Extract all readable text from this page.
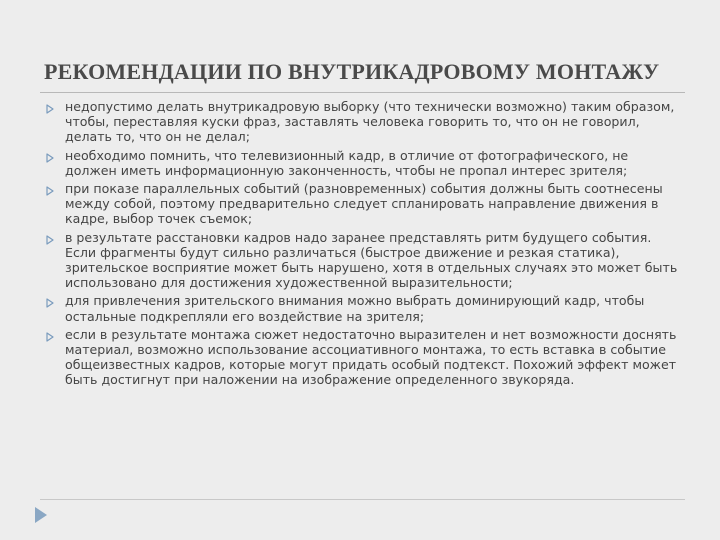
РЕКОМЕНДАЦИИ ПО ВНУТРИКАДРОВОМУ МОНТАЖУ
недопустимо делать внутрикадровую выборку (что технически возможно) таким образом, чтобы, переставляя куски фраз, заставлять человека говорить то, что он не говорил, делать то, что он не делал;
необходимо помнить, что телевизионный кадр, в отличие от фотографического, не должен иметь информационную законченность, чтобы не пропал интерес зрителя;
при показе параллельных событий (разновременных) события должны быть соотнесены между собой, поэтому предварительно следует спланировать направление движения в кадре, выбор точек съемок;
в результате расстановки кадров надо заранее представлять ритм будущего события. Если фрагменты будут сильно различаться (быстрое движение и резкая статика), зрительское восприятие может быть нарушено, хотя в отдельных случаях это может быть использовано для достижения художественной выразительности;
для привлечения зрительского внимания можно выбрать доминирующий кадр, чтобы остальные подкрепляли его воздействие на зрителя;
если в результате монтажа сюжет недостаточно выразителен и нет возможности доснять материал, возможно использование ассоциативного монтажа, то есть вставка в событие общеизвестных кадров, которые могут придать особый подтекст. Похожий эффект может быть достигнут при наложении на изображение определенного звукоряда.
